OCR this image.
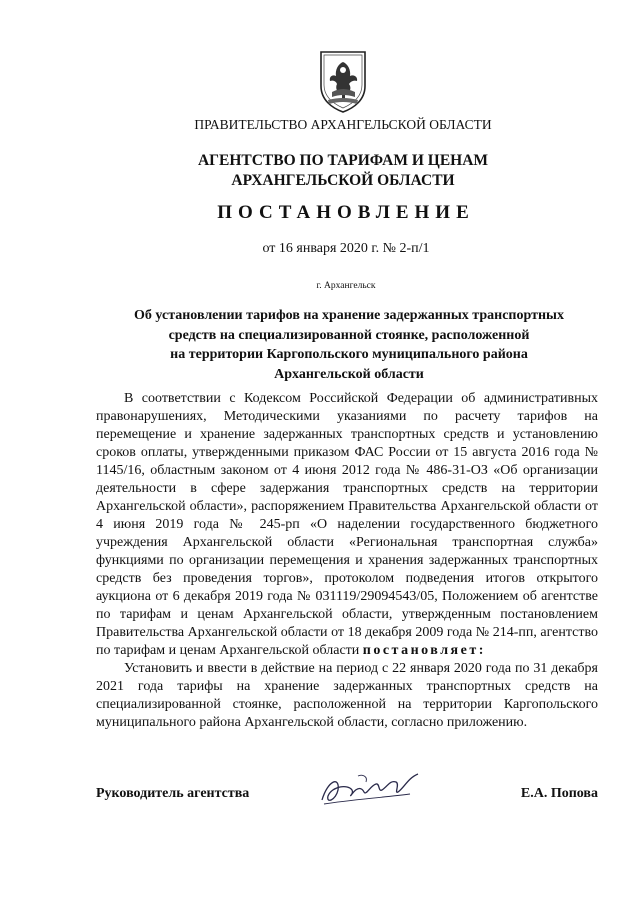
ПРАВИТЕЛЬСТВО АРХАНГЕЛЬСКОЙ ОБЛАСТИ
АГЕНТСТВО ПО ТАРИФАМ И ЦЕНАМ
АРХАНГЕЛЬСКОЙ ОБЛАСТИ
ПОСТАНОВЛЕНИЕ
от 16 января 2020 г. № 2-п/1
г. Архангельск
Об установлении тарифов на хранение задержанных транспортных
средств на специализированной стоянке, расположенной
на территории Каргопольского муниципального района
Архангельской области

В соответствии с Кодексом Российской Федерации об административных правонарушениях, Методическими указаниями по расчету тарифов на перемещение и хранение задержанных транспортных средств и установлению сроков оплаты, утвержденными приказом ФАС России от 15 августа 2016 года № 1145/16, областным законом от 4 июня 2012 года № 486-31-ОЗ «Об организации деятельности в сфере задержания транспортных средств на территории Архангельской области», распоряжением Правительства Архангельской области от 4 июня 2019 года № 245-рп «О наделении государственного бюджетного учреждения Архангельской области «Региональная транспортная служба» функциями по организации перемещения и хранения задержанных транспортных средств без проведения торгов», протоколом подведения итогов открытого аукциона от 6 декабря 2019 года № 031119/29094543/05, Положением об агентстве по тарифам и ценам Архангельской области, утвержденным постановлением Правительства Архангельской области от 18 декабря 2009 года № 214-пп, агентство по тарифам и ценам Архангельской области постановляет:

Установить и ввести в действие на период с 22 января 2020 года по 31 декабря 2021 года тарифы на хранение задержанных транспортных средств на специализированной стоянке, расположенной на территории Каргопольского муниципального района Архангельской области, согласно приложению.

Руководитель агентства	Е.А. Попова
